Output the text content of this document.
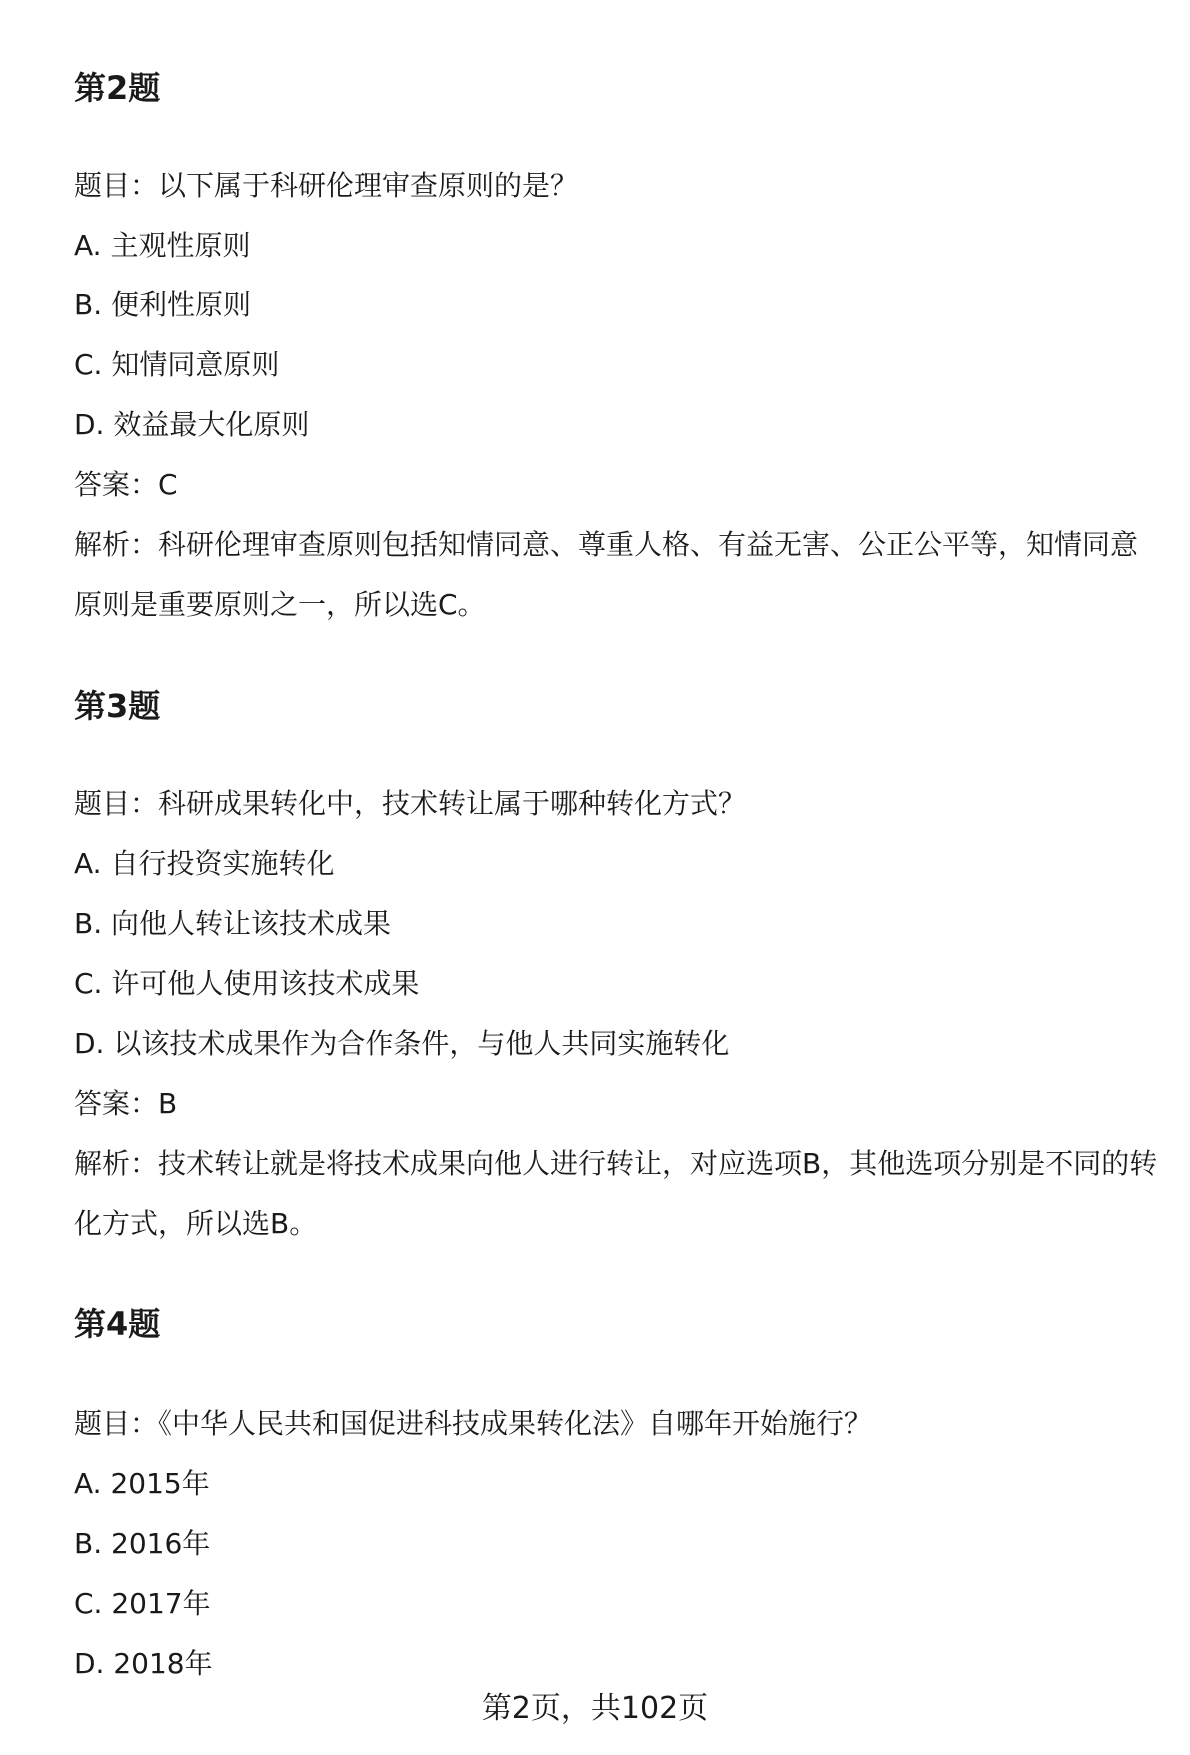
第2题

题目：以下属于科研伦理审查原则的是？

A. 主观性原则

B. 便利性原则

C. 知情同意原则

D. 效益最大化原则

答案：C

解析：科研伦理审查原则包括知情同意、尊重人格、有益无害、公正公平等，知情同意原则是重要原则之一，所以选C。

第3题

题目：科研成果转化中，技术转让属于哪种转化方式？

A. 自行投资实施转化

B. 向他人转让该技术成果

C. 许可他人使用该技术成果

D. 以该技术成果作为合作条件，与他人共同实施转化

答案：B

解析：技术转让就是将技术成果向他人进行转让，对应选项B，其他选项分别是不同的转化方式，所以选B。

第4题

题目：《中华人民共和国促进科技成果转化法》自哪年开始施行？

A. 2015年

B. 2016年

C. 2017年

D. 2018年

第2页，共102页
